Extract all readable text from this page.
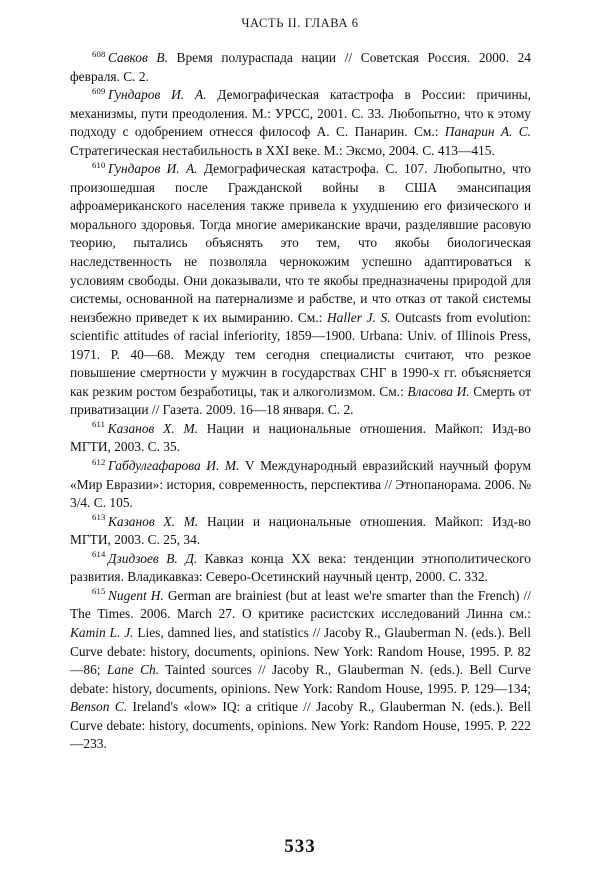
ЧАСТЬ II. ГЛАВА 6

$^{608}$ Савков В. Время полураспада нации // Советская Россия. 2000. 24 февраля. С. 2.

$^{609}$ Гундаров И. А. Демографическая катастрофа в России: причины, механизмы, пути преодоления. М.: УРСС, 2001. С. 33. Любопытно, что к этому подходу с одобрением отнесся философ А. С. Панарин. См.: Панарин А. С. Стратегическая нестабильность в XXI веке. М.: Эксмо, 2004. С. 413—415.

$^{610}$ Гундаров И. А. Демографическая катастрофа. С. 107. Любопытно, что произошедшая после Гражданской войны в США эмансипация афроамериканского населения также привела к ухудшению его физического и морального здоровья. Тогда многие американские врачи, разделявшие расовую теорию, пытались объяснять это тем, что якобы биологическая наследственность не позволяла чернокожим успешно адаптироваться к условиям свободы. Они доказывали, что те якобы предназначены природой для системы, основанной на патернализме и рабстве, и что отказ от такой системы неизбежно приведет к их вымиранию. См.: Haller J. S. Outcasts from evolution: scientific attitudes of racial inferiority, 1859—1900. Urbana: Univ. of Illinois Press, 1971. P. 40—68. Между тем сегодня специалисты считают, что резкое повышение смертности у мужчин в государствах СНГ в 1990-х гг. объясняется как резким ростом безработицы, так и алкоголизмом. См.: Власова И. Смерть от приватизации // Газета. 2009. 16—18 января. С. 2.

$^{611}$ Казанов Х. М. Нации и национальные отношения. Майкоп: Изд-во МГТИ, 2003. С. 35.

$^{612}$ Габдулгафарова И. М. V Международный евразийский научный форум «Мир Евразии»: история, современность, перспектива // Этнопанорама. 2006. № 3/4. С. 105.

$^{613}$ Казанов Х. М. Нации и национальные отношения. Майкоп: Изд-во МГТИ, 2003. С. 25, 34.

$^{614}$ Дзидзоев В. Д. Кавказ конца XX века: тенденции этнополитического развития. Владикавказ: Северо-Осетинский научный центр, 2000. С. 332.

$^{615}$ Nugent H. German are brainiest (but at least we're smarter than the French) // The Times. 2006. March 27. О критике расистских исследований Линна см.: Kamin L. J. Lies, damned lies, and statistics // Jacoby R., Glauberman N. (eds.). Bell Curve debate: history, documents, opinions. New York: Random House, 1995. P. 82—86; Lane Ch. Tainted sources // Jacoby R., Glauberman N. (eds.). Bell Curve debate: history, documents, opinions. New York: Random House, 1995. P. 129—134; Benson C. Ireland's «low» IQ: a critique // Jacoby R., Glauberman N. (eds.). Bell Curve debate: history, documents, opinions. New York: Random House, 1995. P. 222—233.

533
